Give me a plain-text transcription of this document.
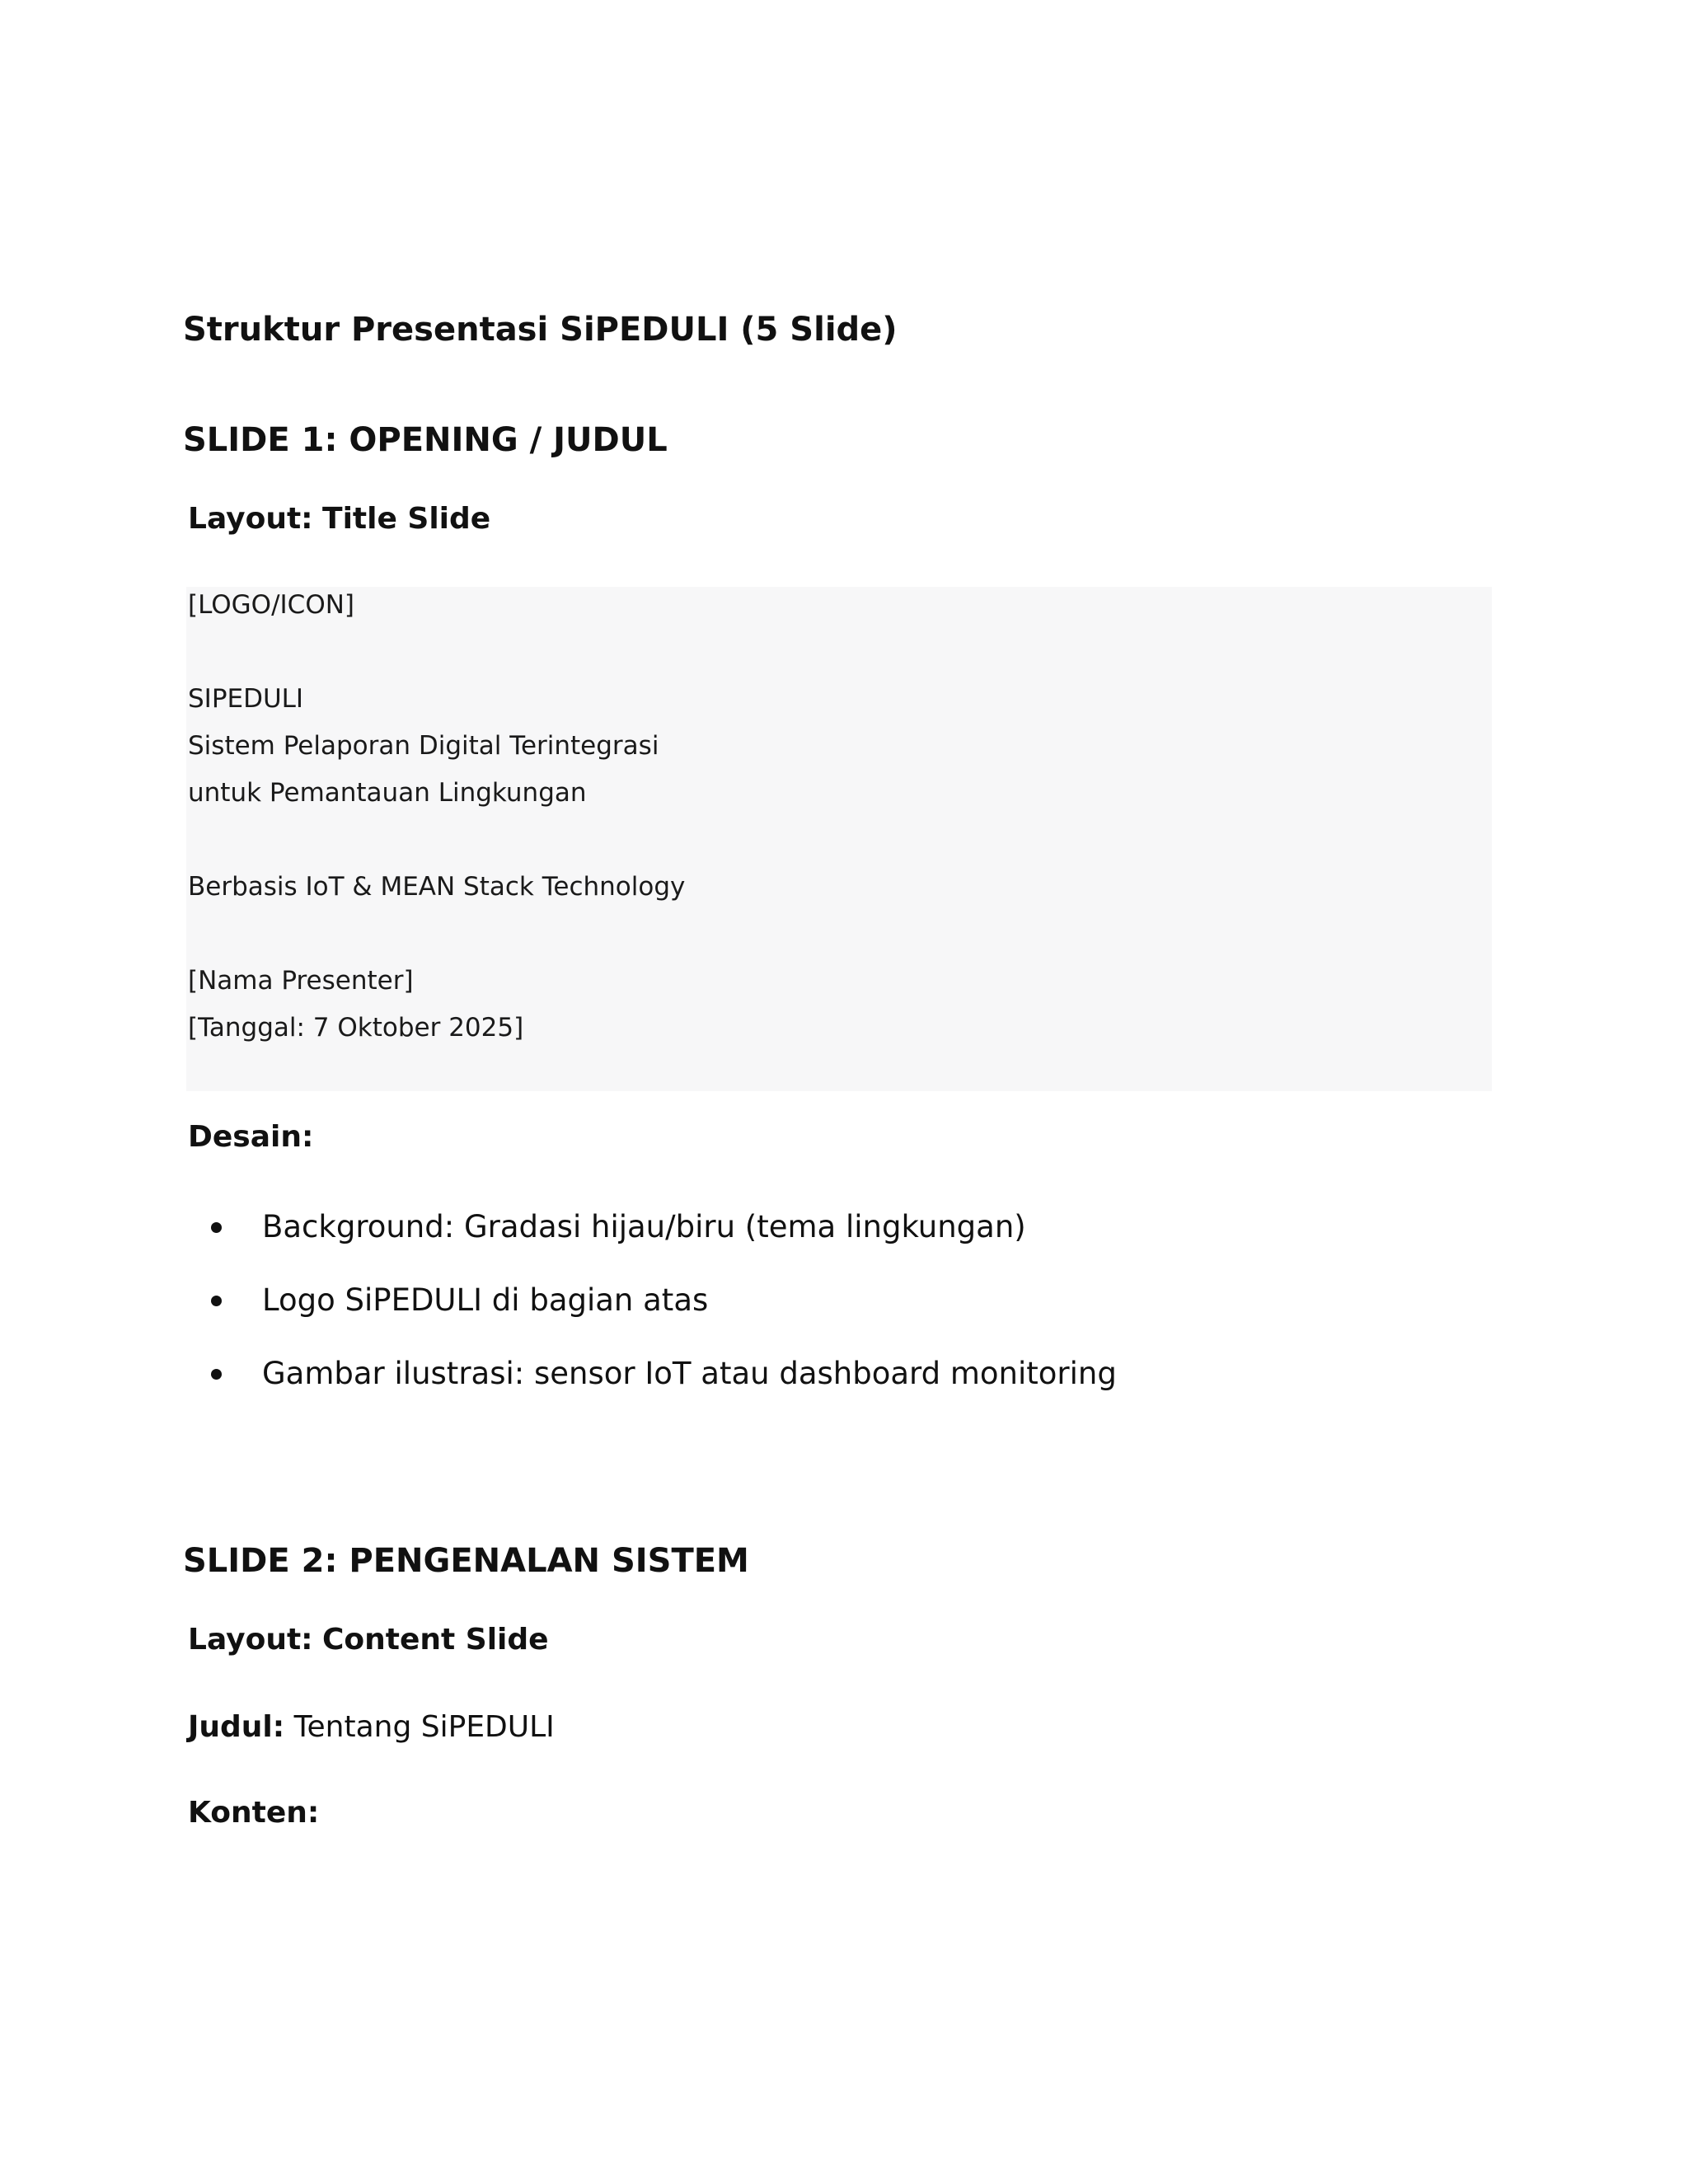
Struktur Presentasi SiPEDULI (5 Slide)
SLIDE 1: OPENING / JUDUL

Layout: Title Slide

[LOGO/ICON]

SIPEDULI

Sistem Pelaporan Digital Terintegrasi

untuk Pemantauan Lingkungan

Berbasis IoT & MEAN Stack Technology

[Nama Presenter]

[Tanggal: 7 Oktober 2025]

Desain:

Background: Gradasi hijau/biru (tema lingkungan)
Logo SiPEDULI di bagian atas
Gambar ilustrasi: sensor IoT atau dashboard monitoring
SLIDE 2: PENGENALAN SISTEM

Layout: Content Slide

Judul: Tentang SiPEDULI

Konten:
